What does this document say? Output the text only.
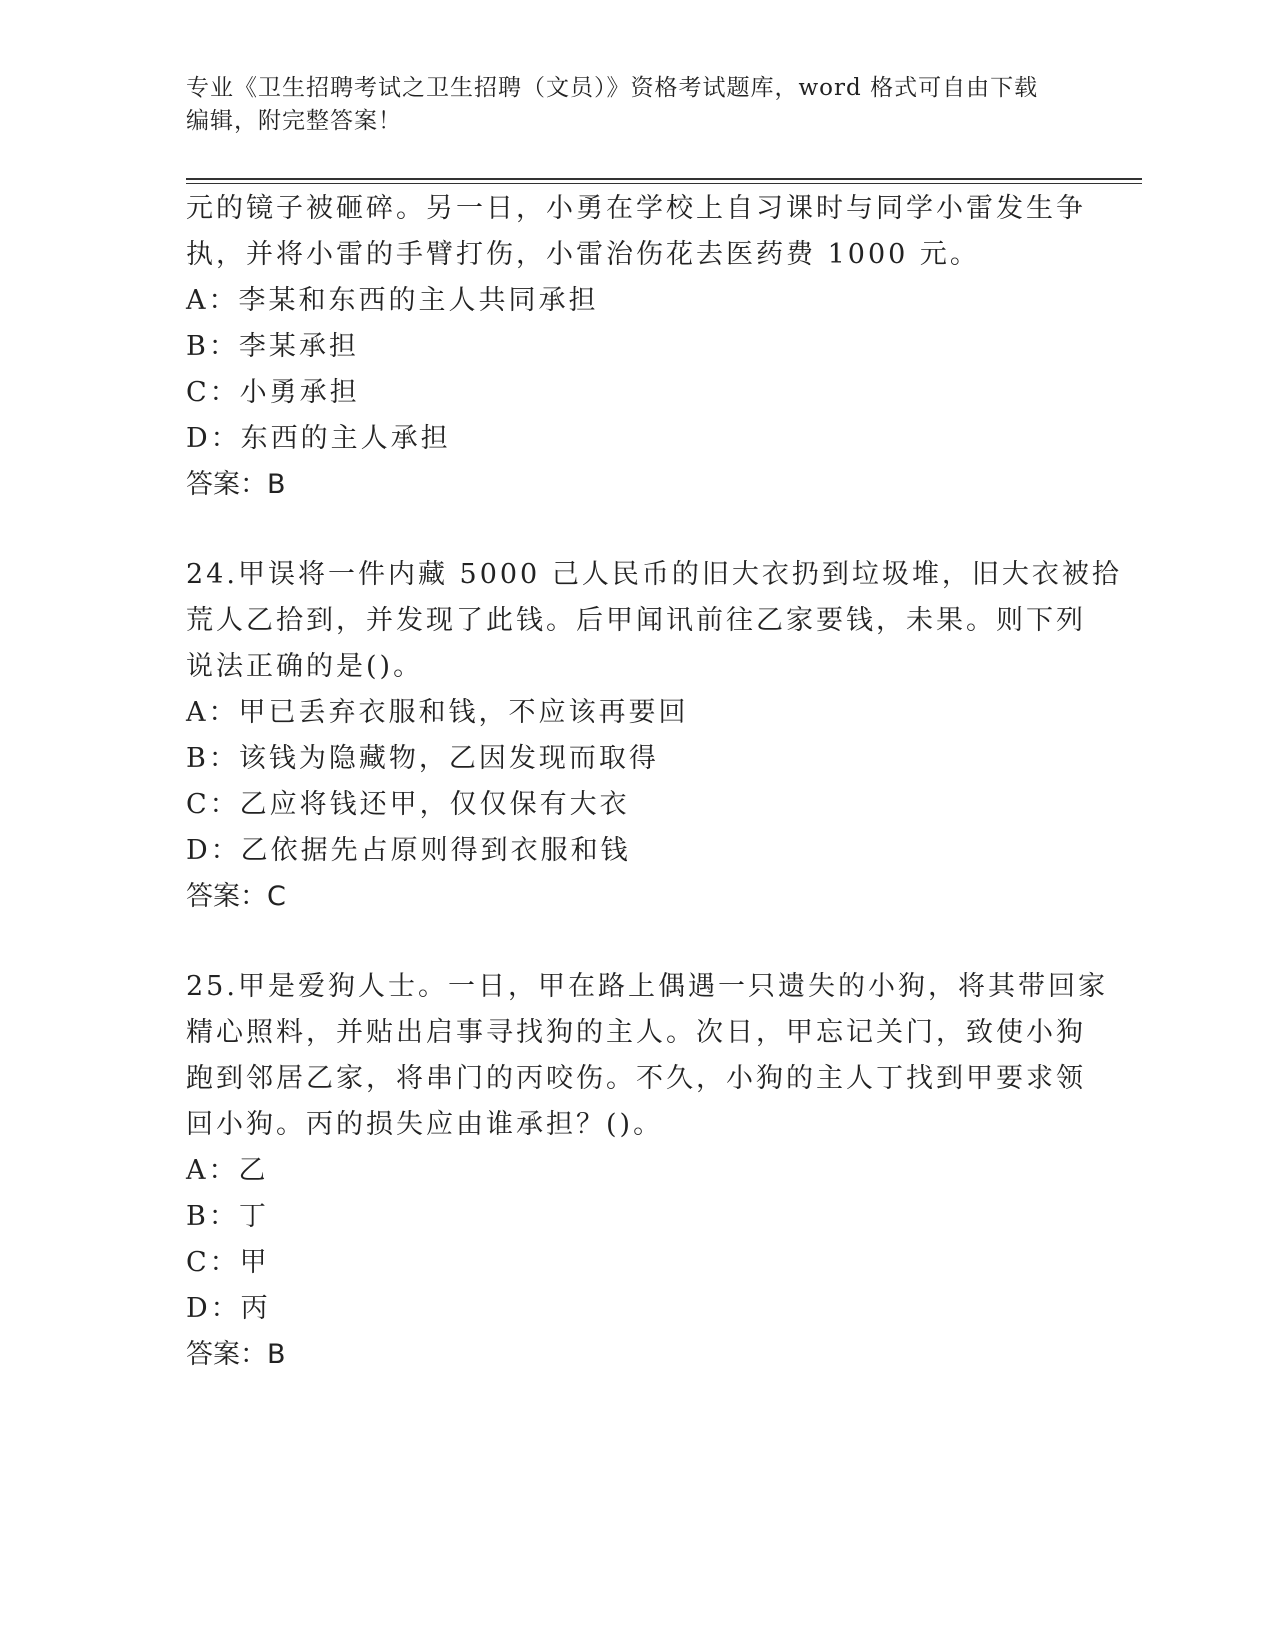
专业《卫生招聘考试之卫生招聘（文员）》资格考试题库，word 格式可自由下载
编辑，附完整答案！
元的镜子被砸碎。另一日，小勇在学校上自习课时与同学小雷发生争
执，并将小雷的手臂打伤，小雷治伤花去医药费 1000 元。
A：李某和东西的主人共同承担
B：李某承担
C：小勇承担
D：东西的主人承担
答案：B
24.甲误将一件内藏 5000 己人民币的旧大衣扔到垃圾堆，旧大衣被拾
荒人乙拾到，并发现了此钱。后甲闻讯前往乙家要钱，未果。则下列
说法正确的是()。
A：甲已丢弃衣服和钱，不应该再要回
B：该钱为隐藏物，乙因发现而取得
C：乙应将钱还甲，仅仅保有大衣
D：乙依据先占原则得到衣服和钱
答案：C
25.甲是爱狗人士。一日，甲在路上偶遇一只遗失的小狗，将其带回家
精心照料，并贴出启事寻找狗的主人。次日，甲忘记关门，致使小狗
跑到邻居乙家，将串门的丙咬伤。不久，小狗的主人丁找到甲要求领
回小狗。丙的损失应由谁承担？()。
A：乙
B：丁
C：甲
D：丙
答案：B
